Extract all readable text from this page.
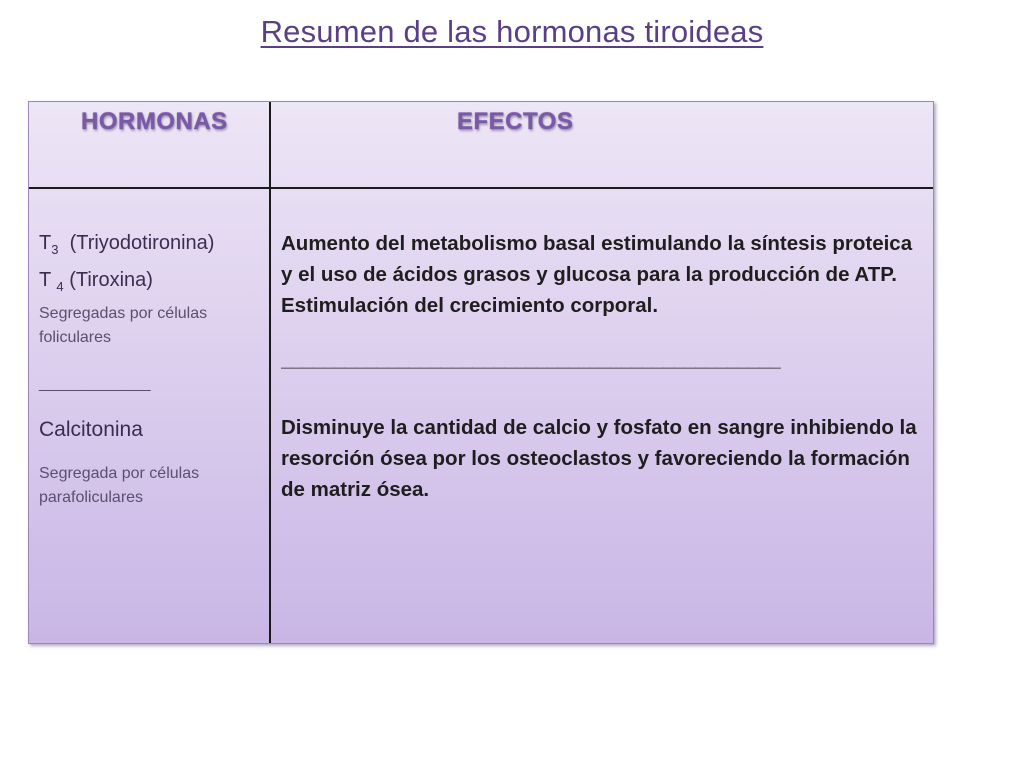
Resumen de las hormonas tiroideas
HORMONAS	EFECTOS
$T_3$  (Triyodotironina)
T $_4$ (Tiroxina)
Segregadas por células foliculares
______________
Calcitonina
Segregada por células parafoliculares
Aumento del metabolismo basal estimulando la síntesis proteica y el uso de ácidos grasos y glucosa para la producción de ATP. Estimulación del crecimiento corporal.
_______________________________________________
Disminuye la cantidad de calcio y fosfato en sangre inhibiendo la resorción ósea por los osteoclastos y favoreciendo la formación de matriz ósea.
